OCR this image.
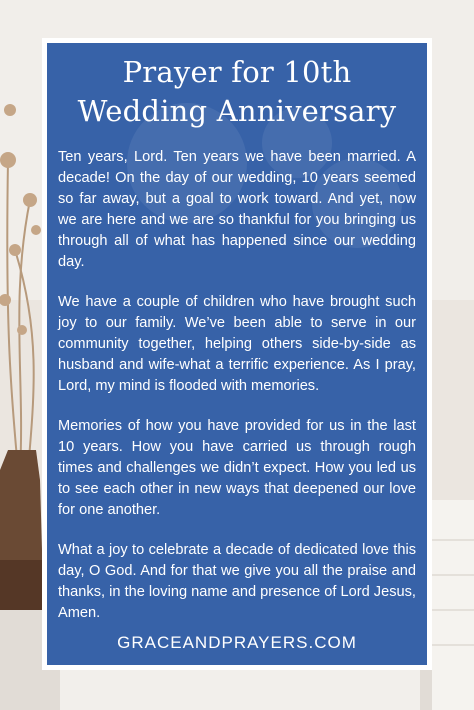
Prayer for 10th
Wedding Anniversary

Ten years, Lord. Ten years we have been married. A decade! On the day of our wedding, 10 years seemed so far away, but a goal to work toward. And yet, now we are here and we are so thankful for you bringing us through all of what has happened since our wedding day.

We have a couple of children who have brought such joy to our family. We’ve been able to serve in our community together, helping others side-by-side as husband and wife-what a terrific experience. As I pray, Lord, my mind is flooded with memories.

Memories of how you have provided for us in the last 10 years. How you have carried us through rough times and challenges we didn’t expect. How you led us to see each other in new ways that deepened our love for one another.

What a joy to celebrate a decade of dedicated love this day, O God. And for that we give you all the praise and thanks, in the loving name and presence of Lord Jesus, Amen.

GRACEANDPRAYERS.COM
